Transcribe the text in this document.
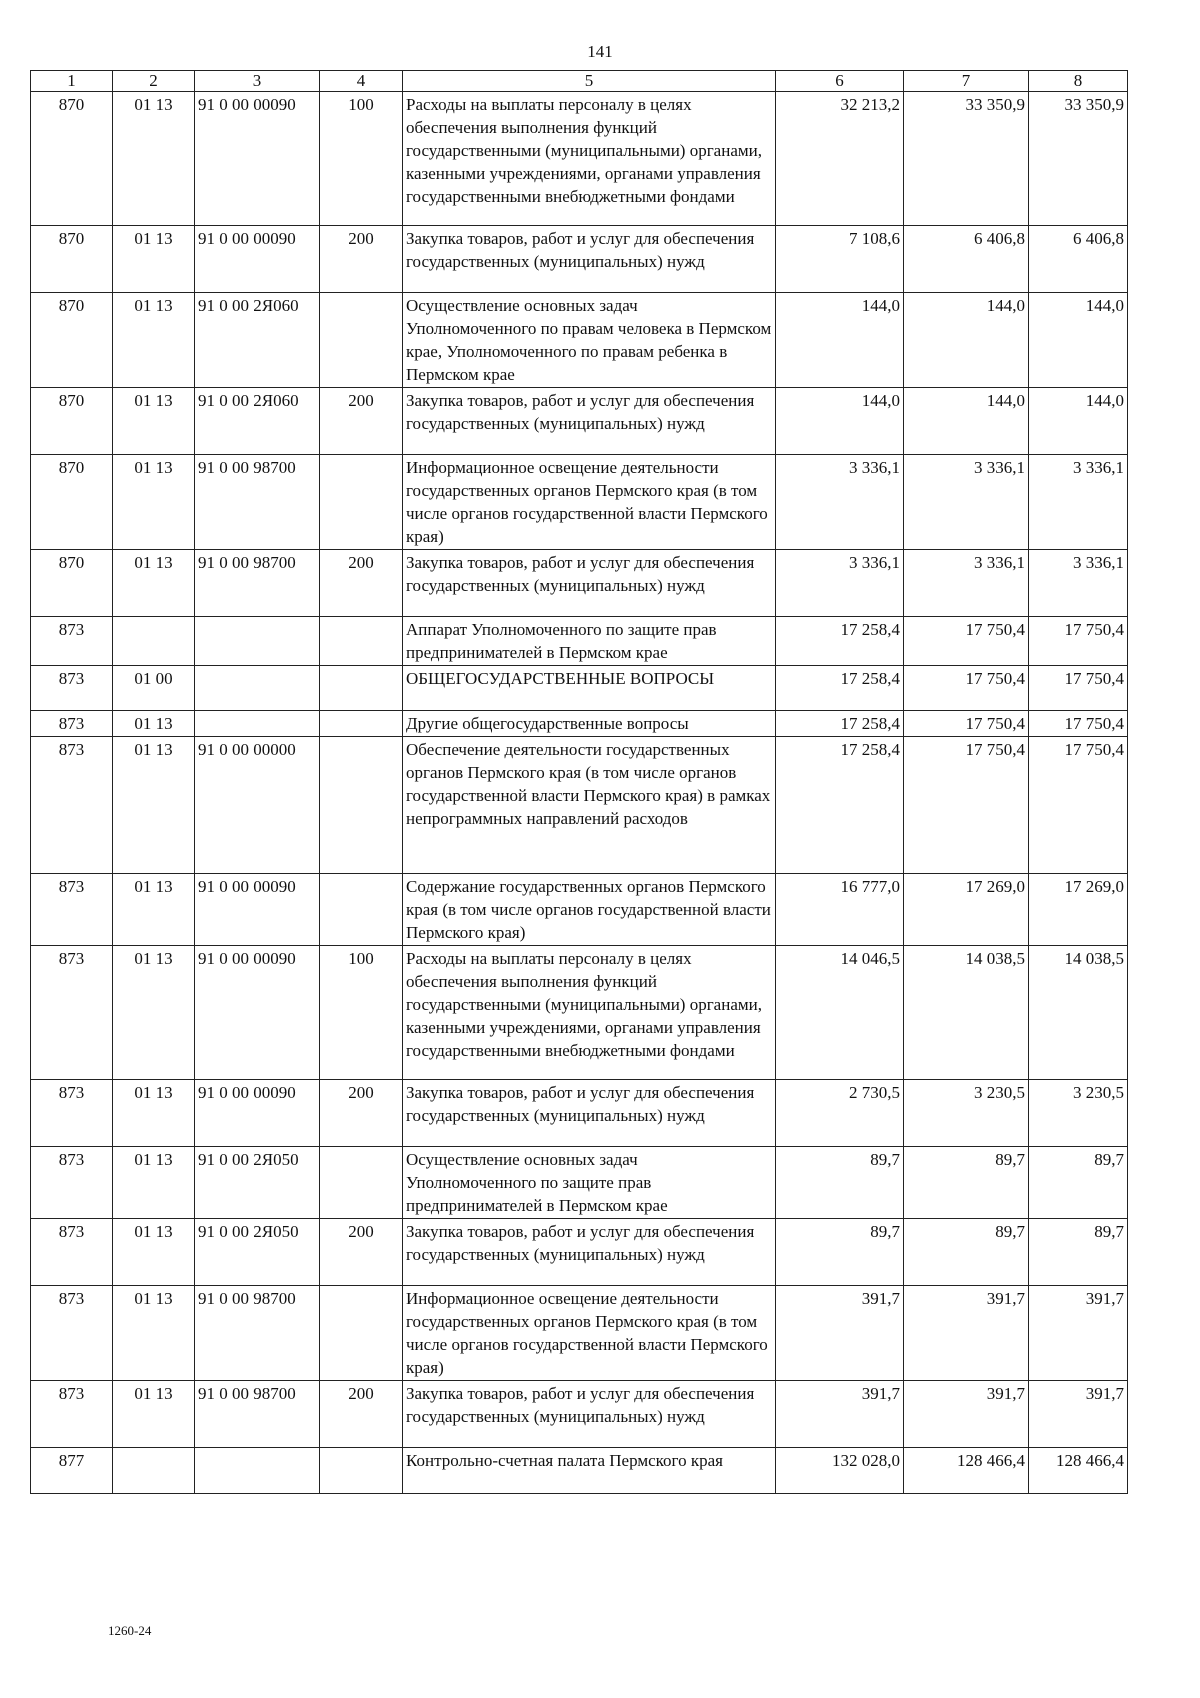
141
1	2	3	4	5	6	7	8
870	01 13	91 0 00 00090	100	Расходы на выплаты персоналу в целях обеспечения выполнения функций государственными (муниципальными) органами, казенными учреждениями, органами управления государственными внебюджетными фондами	32 213,2	33 350,9	33 350,9
870	01 13	91 0 00 00090	200	Закупка товаров, работ и услуг для обеспечения государственных (муниципальных) нужд	7 108,6	6 406,8	6 406,8
870	01 13	91 0 00 2Я060		Осуществление основных задач Уполномоченного по правам человека в Пермском крае, Уполномоченного по правам ребенка в Пермском крае	144,0	144,0	144,0
870	01 13	91 0 00 2Я060	200	Закупка товаров, работ и услуг для обеспечения государственных (муниципальных) нужд	144,0	144,0	144,0
870	01 13	91 0 00 98700		Информационное освещение деятельности государственных органов Пермского края (в том числе органов государственной власти Пермского края)	3 336,1	3 336,1	3 336,1
870	01 13	91 0 00 98700	200	Закупка товаров, работ и услуг для обеспечения государственных (муниципальных) нужд	3 336,1	3 336,1	3 336,1
873				Аппарат Уполномоченного по защите прав предпринимателей в Пермском крае	17 258,4	17 750,4	17 750,4
873	01 00			ОБЩЕГОСУДАРСТВЕННЫЕ ВОПРОСЫ	17 258,4	17 750,4	17 750,4
873	01 13			Другие общегосударственные вопросы	17 258,4	17 750,4	17 750,4
873	01 13	91 0 00 00000		Обеспечение деятельности государственных органов Пермского края (в том числе органов государственной власти Пермского края) в рамках непрограммных направлений расходов	17 258,4	17 750,4	17 750,4
873	01 13	91 0 00 00090		Содержание государственных органов Пермского края (в том числе органов государственной власти Пермского края)	16 777,0	17 269,0	17 269,0
873	01 13	91 0 00 00090	100	Расходы на выплаты персоналу в целях обеспечения выполнения функций государственными (муниципальными) органами, казенными учреждениями, органами управления государственными внебюджетными фондами	14 046,5	14 038,5	14 038,5
873	01 13	91 0 00 00090	200	Закупка товаров, работ и услуг для обеспечения государственных (муниципальных) нужд	2 730,5	3 230,5	3 230,5
873	01 13	91 0 00 2Я050		Осуществление основных задач Уполномоченного по защите прав предпринимателей в Пермском крае	89,7	89,7	89,7
873	01 13	91 0 00 2Я050	200	Закупка товаров, работ и услуг для обеспечения государственных (муниципальных) нужд	89,7	89,7	89,7
873	01 13	91 0 00 98700		Информационное освещение деятельности государственных органов Пермского края (в том числе органов государственной власти Пермского края)	391,7	391,7	391,7
873	01 13	91 0 00 98700	200	Закупка товаров, работ и услуг для обеспечения государственных (муниципальных) нужд	391,7	391,7	391,7
877				Контрольно-счетная палата Пермского края	132 028,0	128 466,4	128 466,4
1260-24
